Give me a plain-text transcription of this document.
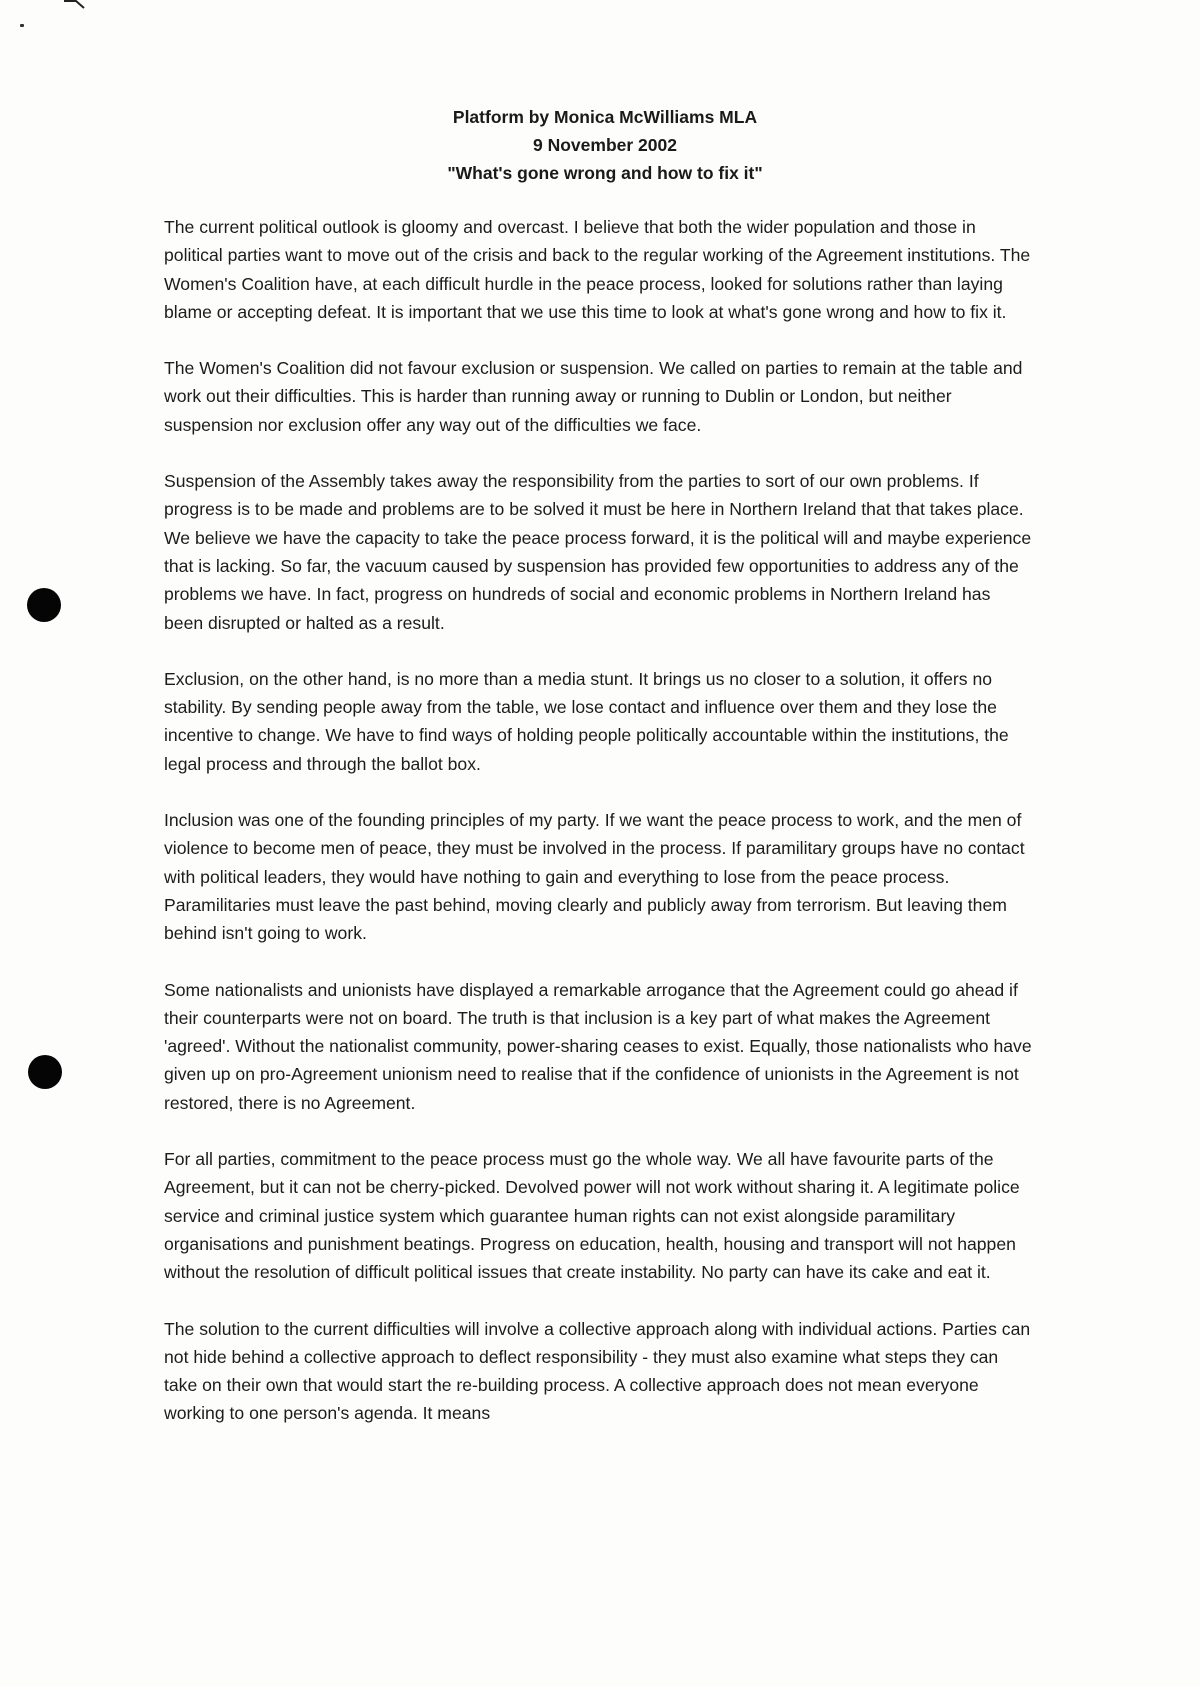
Platform by Monica McWilliams MLA
9 November 2002
"What's gone wrong and how to fix it"

The current political outlook is gloomy and overcast. I believe that both the wider population and those in political parties want to move out of the crisis and back to the regular working of the Agreement institutions. The Women's Coalition have, at each difficult hurdle in the peace process, looked for solutions rather than laying blame or accepting defeat. It is important that we use this time to look at what's gone wrong and how to fix it.

The Women's Coalition did not favour exclusion or suspension. We called on parties to remain at the table and work out their difficulties. This is harder than running away or running to Dublin or London, but neither suspension nor exclusion offer any way out of the difficulties we face.

Suspension of the Assembly takes away the responsibility from the parties to sort of our own problems. If progress is to be made and problems are to be solved it must be here in Northern Ireland that that takes place. We believe we have the capacity to take the peace process forward, it is the political will and maybe experience that is lacking. So far, the vacuum caused by suspension has provided few opportunities to address any of the problems we have. In fact, progress on hundreds of social and economic problems in Northern Ireland has been disrupted or halted as a result.

Exclusion, on the other hand, is no more than a media stunt. It brings us no closer to a solution, it offers no stability. By sending people away from the table, we lose contact and influence over them and they lose the incentive to change. We have to find ways of holding people politically accountable within the institutions, the legal process and through the ballot box.

Inclusion was one of the founding principles of my party. If we want the peace process to work, and the men of violence to become men of peace, they must be involved in the process. If paramilitary groups have no contact with political leaders, they would have nothing to gain and everything to lose from the peace process. Paramilitaries must leave the past behind, moving clearly and publicly away from terrorism. But leaving them behind isn't going to work.

Some nationalists and unionists have displayed a remarkable arrogance that the Agreement could go ahead if their counterparts were not on board. The truth is that inclusion is a key part of what makes the Agreement 'agreed'. Without the nationalist community, power-sharing ceases to exist. Equally, those nationalists who have given up on pro-Agreement unionism need to realise that if the confidence of unionists in the Agreement is not restored, there is no Agreement.

For all parties, commitment to the peace process must go the whole way. We all have favourite parts of the Agreement, but it can not be cherry-picked. Devolved power will not work without sharing it. A legitimate police service and criminal justice system which guarantee human rights can not exist alongside paramilitary organisations and punishment beatings. Progress on education, health, housing and transport will not happen without the resolution of difficult political issues that create instability. No party can have its cake and eat it.

The solution to the current difficulties will involve a collective approach along with individual actions. Parties can not hide behind a collective approach to deflect responsibility - they must also examine what steps they can take on their own that would start the re-building process. A collective approach does not mean everyone working to one person's agenda. It means
